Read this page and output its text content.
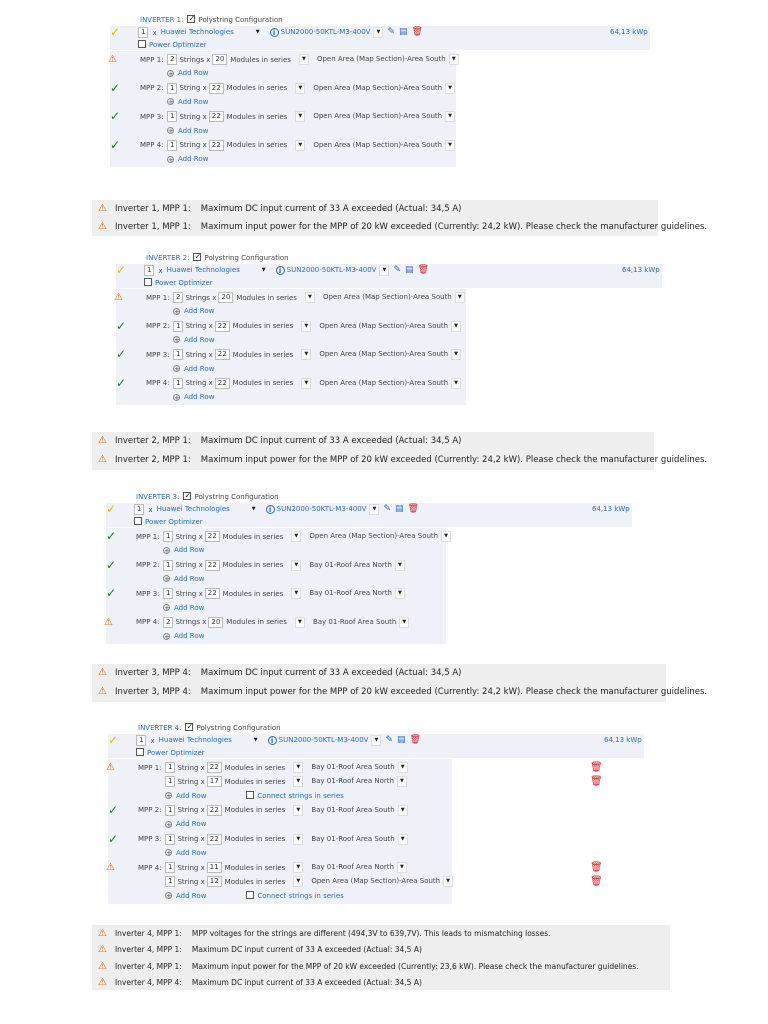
INVERTER 1: ✓ Polystring Configuration
✓	1 x Huawei Technologies	▼ i SUN2000-50KTL-M3-400V ▼ ✎ ▤ 🗑	64,13 kWp
Power Optimizer
⚠	MPP 1: 2 Strings x 20 Modules in series ▼ Open Area (Map Section)-Area South ▼
+ Add Row
✓	MPP 2: 1 String x 22 Modules in series ▼ Open Area (Map Section)-Area South ▼
+ Add Row
✓	MPP 3: 1 String x 22 Modules in series ▼ Open Area (Map Section)-Area South ▼
+ Add Row
✓	MPP 4: 1 String x 22 Modules in series ▼ Open Area (Map Section)-Area South ▼
+ Add Row
⚠ Inverter 1, MPP 1: Maximum DC input current of 33 A exceeded (Actual: 34,5 A)
⚠ Inverter 1, MPP 1: Maximum input power for the MPP of 20 kW exceeded (Currently: 24,2 kW). Please check the manufacturer guidelines.
INVERTER 2: ✓ Polystring Configuration
✓	1 x Huawei Technologies	▼ i SUN2000-50KTL-M3-400V ▼ ✎ ▤ 🗑	64,13 kWp
Power Optimizer
⚠	MPP 1: 2 Strings x 20 Modules in series ▼ Open Area (Map Section)-Area South ▼
+ Add Row
✓	MPP 2: 1 String x 22 Modules in series ▼ Open Area (Map Section)-Area South ▼
+ Add Row
✓	MPP 3: 1 String x 22 Modules in series ▼ Open Area (Map Section)-Area South ▼
+ Add Row
✓	MPP 4: 1 String x 22 Modules in series ▼ Open Area (Map Section)-Area South ▼
+ Add Row
⚠ Inverter 2, MPP 1: Maximum DC input current of 33 A exceeded (Actual: 34,5 A)
⚠ Inverter 2, MPP 1: Maximum input power for the MPP of 20 kW exceeded (Currently: 24,2 kW). Please check the manufacturer guidelines.
INVERTER 3: ✓ Polystring Configuration
✓	1 x Huawei Technologies	▼ i SUN2000-50KTL-M3-400V ▼ ✎ ▤ 🗑	64,13 kWp
Power Optimizer
✓	MPP 1: 1 String x 22 Modules in series ▼ Open Area (Map Section)-Area South ▼
+ Add Row
✓	MPP 2: 1 String x 22 Modules in series ▼ Bay 01-Roof Area North ▼
+ Add Row
✓	MPP 3: 1 String x 22 Modules in series ▼ Bay 01-Roof Area North ▼
+ Add Row
⚠	MPP 4: 2 Strings x 20 Modules in series ▼ Bay 01-Roof Area South ▼
+ Add Row
⚠ Inverter 3, MPP 4: Maximum DC input current of 33 A exceeded (Actual: 34,5 A)
⚠ Inverter 3, MPP 4: Maximum input power for the MPP of 20 kW exceeded (Currently: 24,2 kW). Please check the manufacturer guidelines.
INVERTER 4: ✓ Polystring Configuration
✓	1 x Huawei Technologies	▼ i SUN2000-50KTL-M3-400V ▼ ✎ ▤ 🗑	64,13 kWp
Power Optimizer
⚠	MPP 1: 1 String x 22 Modules in series ▼ Bay 01-Roof Area South ▼	🗑
1 String x 17 Modules in series ▼ Bay 01-Roof Area North ▼	🗑
+ Add Row	Connect strings in series
✓	MPP 2: 1 String x 22 Modules in series ▼ Bay 01-Roof Area South ▼
+ Add Row
✓	MPP 3: 1 String x 22 Modules in series ▼ Bay 01-Roof Area South ▼
+ Add Row
⚠	MPP 4: 1 String x 11 Modules in series ▼ Bay 01-Roof Area North ▼	🗑
1 String x 12 Modules in series ▼ Open Area (Map Section)-Area South ▼	🗑
+ Add Row	Connect strings in series
⚠ Inverter 4, MPP 1: MPP voltages for the strings are different (494,3V to 639,7V). This leads to mismatching losses.
⚠ Inverter 4, MPP 1: Maximum DC input current of 33 A exceeded (Actual: 34,5 A)
⚠ Inverter 4, MPP 1: Maximum input power for the MPP of 20 kW exceeded (Currently: 23,6 kW). Please check the manufacturer guidelines.
⚠ Inverter 4, MPP 4: Maximum DC input current of 33 A exceeded (Actual: 34,5 A)
